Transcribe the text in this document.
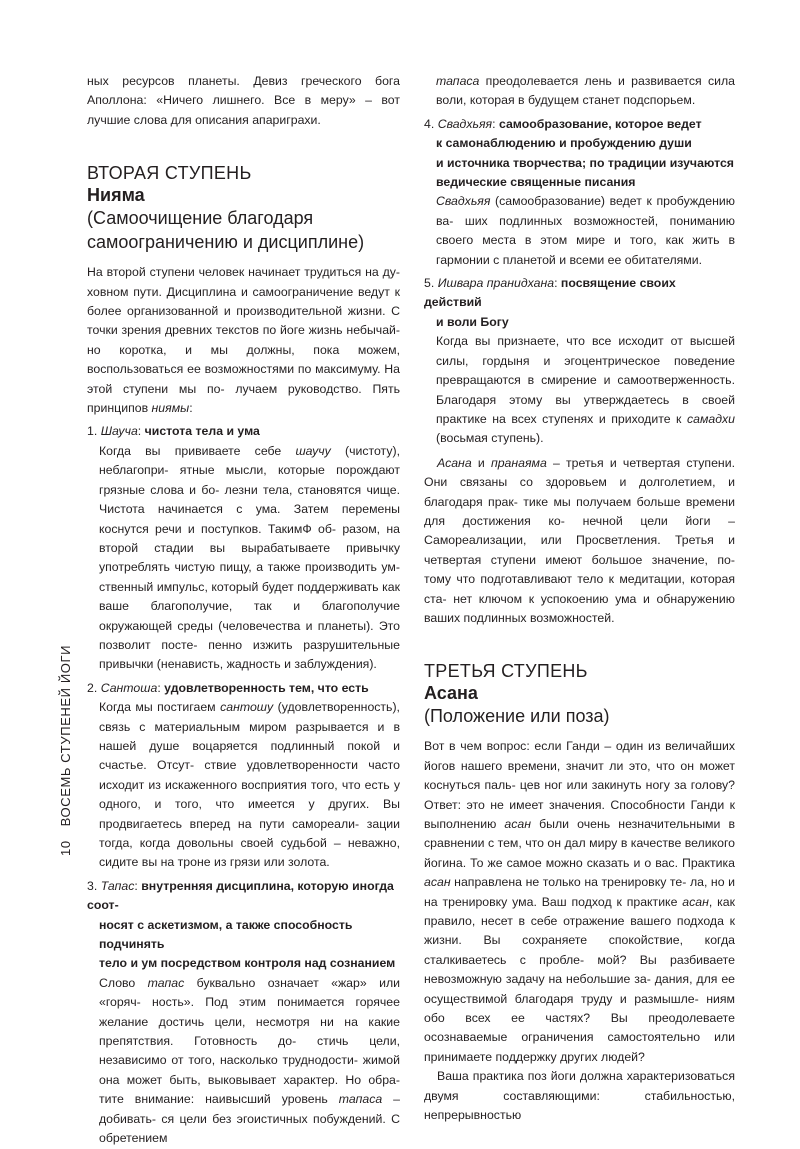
10ВОСЕМЬ СТУПЕНЕЙ ЙОГИ

ных ресурсов планеты. Девиз греческого бога Аполлона: «Ничего лишнего. Все в меру» – вот лучшие слова для описания апариграхи.

ВТОРАЯ СТУПЕНЬ
Нияма
(Самоочищение благодаря
самоограничению и дисциплине)

На второй ступени человек начинает трудиться на ду- ховном пути. Дисциплина и самоограничение ведут к более организованной и производительной жизни. С точки зрения древних текстов по йоге жизнь небычай- но коротка, и мы должны, пока можем, воспользоваться ее возможностями по максимуму. На этой ступени мы по- лучаем руководство. Пять принципов ниямы:

1. Шауча: чистота тела и ума

Когда вы прививаете себе шаучу (чистоту), неблагопри- ятные мысли, которые порождают грязные слова и бо- лезни тела, становятся чище. Чистота начинается с ума. Затем перемены коснутся речи и поступков. ТакимФ об- разом, на второй стадии вы вырабатываете привычку употреблять чистую пищу, а также производить ум- ственный импульс, который будет поддерживать как ваше благополучие, так и благополучие окружающей среды (человечества и планеты). Это позволит посте- пенно изжить разрушительные привычки (ненависть, жадность и заблуждения).

2. Сантоша: удовлетворенность тем, что есть

Когда мы постигаем сантошу (удовлетворенность), связь с материальным миром разрывается и в нашей душе воцаряется подлинный покой и счастье. Отсут- ствие удовлетворенности часто исходит из искаженного восприятия того, что есть у одного, и того, что имеется у других. Вы продвигаетесь вперед на пути самореали- зации тогда, когда довольны своей судьбой – неважно, сидите вы на троне из грязи или золота.

3. Тапас: внутренняя дисциплина, которую иногда соот-
носят с аскетизмом, а также способность подчинять
тело и ум посредством контроля над сознанием

Слово тапас буквально означает «жар» или «горяч- ность». Под этим понимается горячее желание достичь цели, несмотря ни на какие препятствия. Готовность до- стичь цели, независимо от того, насколько труднодости- жимой она может быть, выковывает характер. Но обра- тите внимание: наивысший уровень тапаса – добивать- ся цели без эгоистичных побуждений. С обретением

тапаса преодолевается лень и развивается сила воли, которая в будущем станет подспорьем.

4. Свадхьяя: самообразование, которое ведет
к самонаблюдению и пробуждению души
и источника творчества; по традиции изучаются
ведические священные писания

Свадхьяя (самообразование) ведет к пробуждению ва- ших подлинных возможностей, пониманию своего места в этом мире и того, как жить в гармонии с планетой и всеми ее обитателями.

5. Ишвара пранидхана: посвящение своих действий
и воли Богу

Когда вы признаете, что все исходит от высшей силы, гордыня и эгоцентрическое поведение превращаются в смирение и самоотверженность. Благодаря этому вы утверждаетесь в своей практике на всех ступенях и приходите к самадхи (восьмая ступень).

Асана и пранаяма – третья и четвертая ступени. Они связаны со здоровьем и долголетием, и благодаря прак- тике мы получаем больше времени для достижения ко- нечной цели йоги – Самореализации, или Просветления. Третья и четвертая ступени имеют большое значение, по- тому что подготавливают тело к медитации, которая ста- нет ключом к успокоению ума и обнаружению ваших подлинных возможностей.

ТРЕТЬЯ СТУПЕНЬ
Асана
(Положение или поза)

Вот в чем вопрос: если Ганди – один из величайших йогов нашего времени, значит ли это, что он может коснуться паль- цев ног или закинуть ногу за голову? Ответ: это не имеет значения. Способности Ганди к выполнению асан были очень незначительными в сравнении с тем, что он дал миру в качестве великого йогина. То же самое можно сказать и о вас. Практика асан направлена не только на тренировку те- ла, но и на тренировку ума. Ваш подход к практике асан, как правило, несет в себе отражение вашего подхода к жизни. Вы сохраняете спокойствие, когда сталкиваетесь с пробле- мой? Вы разбиваете невозможную задачу на небольшие за- дания, для ее осуществимой благодаря труду и размышле- ниям обо всех ее частях? Вы преодолеваете осознаваемые ограничения самостоятельно или принимаете поддержку других людей?

Ваша практика поз йоги должна характеризоваться двумя составляющими: стабильностью, непрерывностью
